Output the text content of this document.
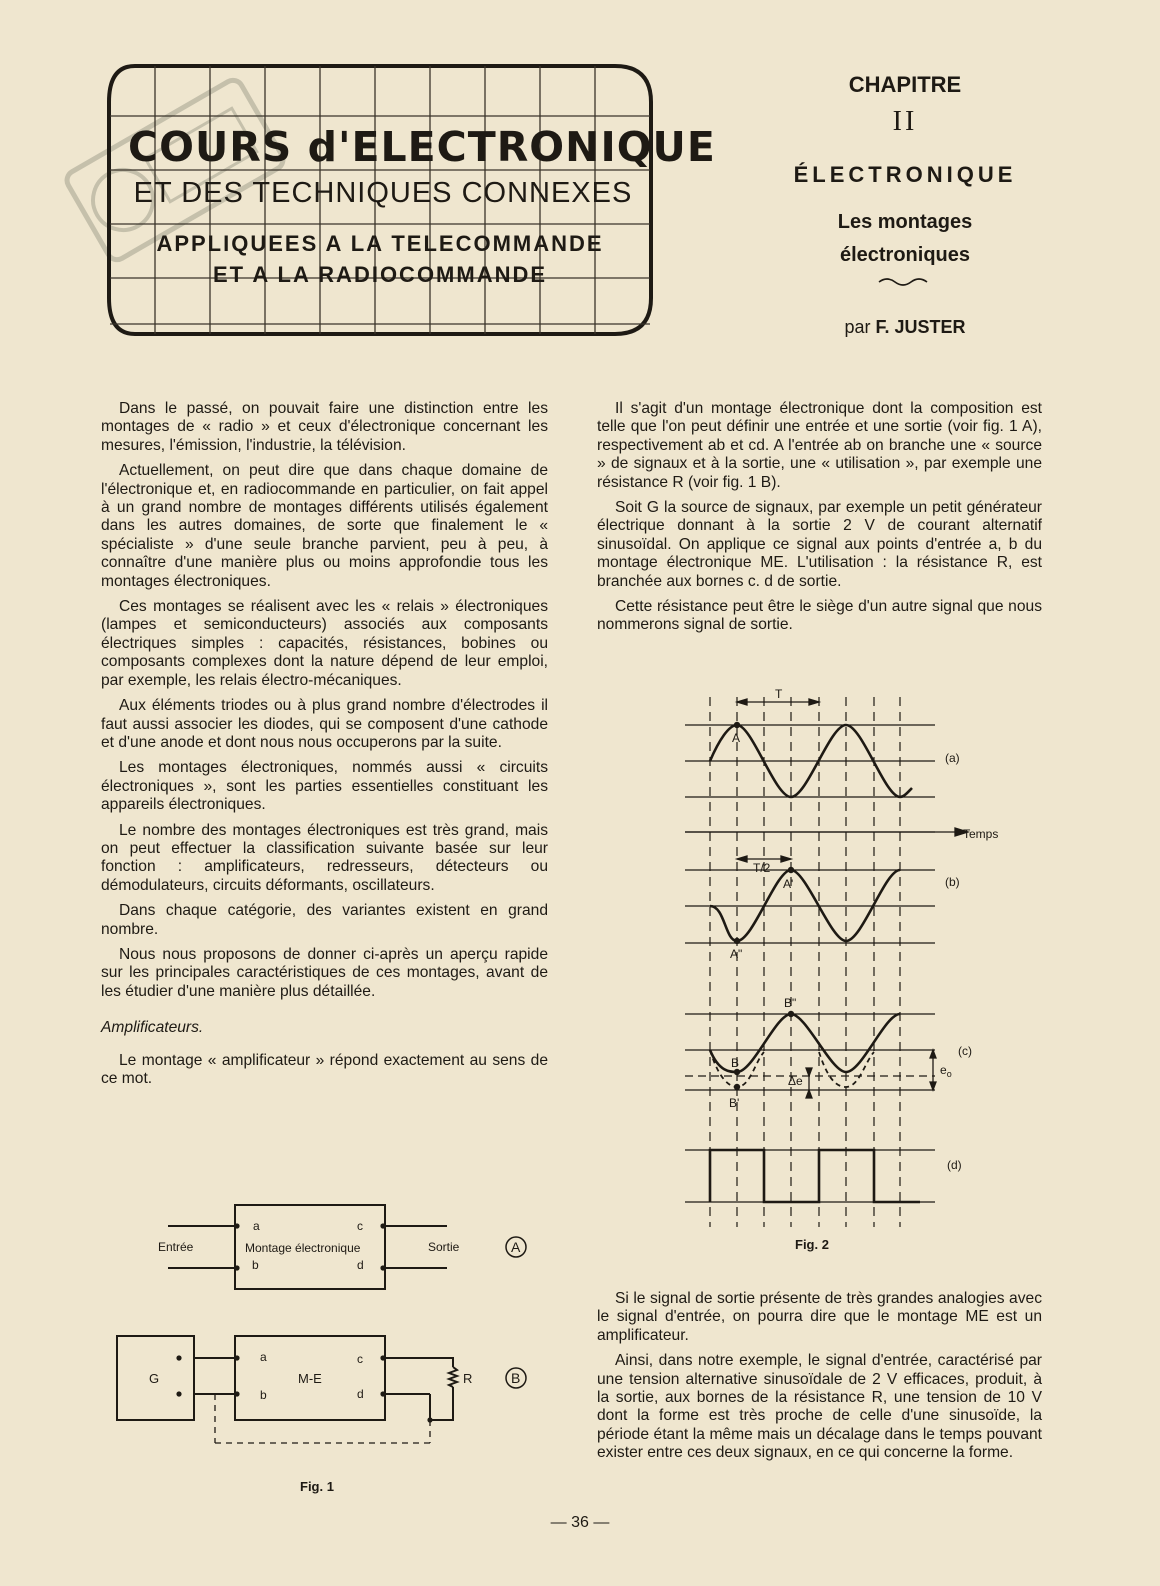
COURS d'ELECTRONIQUE
ET DES TECHNIQUES CONNEXES
APPLIQUEES A LA TELECOMMANDE
ET A LA RADIOCOMMANDE
CHAPITRE
II
ÉLECTRONIQUE
Les montages
électroniques
par F. JUSTER

Dans le passé, on pouvait faire une distinction entre les montages de « radio » et ceux d'électronique concernant les mesures, l'émission, l'industrie, la télévision.

Actuellement, on peut dire que dans chaque domaine de l'électronique et, en radiocommande en particulier, on fait appel à un grand nombre de montages différents utilisés également dans les autres domaines, de sorte que finalement le « spécialiste » d'une seule branche parvient, peu à peu, à connaître d'une manière plus ou moins approfondie tous les montages électroniques.

Ces montages se réalisent avec les « relais » électroniques (lampes et semiconducteurs) associés aux composants électriques simples : capacités, résistances, bobines ou composants complexes dont la nature dépend de leur emploi, par exemple, les relais électro-mécaniques.

Aux éléments triodes ou à plus grand nombre d'électrodes il faut aussi associer les diodes, qui se composent d'une cathode et d'une anode et dont nous nous occuperons par la suite.

Les montages électroniques, nommés aussi « circuits électroniques », sont les parties essentielles constituant les appareils électroniques.

Le nombre des montages électroniques est très grand, mais on peut effectuer la classification suivante basée sur leur fonction : amplificateurs, redresseurs, détecteurs ou démodulateurs, circuits déformants, oscillateurs.

Dans chaque catégorie, des variantes existent en grand nombre.

Nous nous proposons de donner ci-après un aperçu rapide sur les principales caractéristiques de ces montages, avant de les étudier d'une manière plus détaillée.

Amplificateurs.

Le montage « amplificateur » répond exactement au sens de ce mot.

Entrée	Montage électronique	Sortie
a
b
c
d
A
G	M-E	R
a
b
c
d
B
Fig. 1

Il s'agit d'un montage électronique dont la composition est telle que l'on peut définir une entrée et une sortie (voir fig. 1 A), respectivement ab et cd. A l'entrée ab on branche une « source » de signaux et à la sortie, une « utilisation », par exemple une résistance R (voir fig. 1 B).

Soit G la source de signaux, par exemple un petit générateur électrique donnant à la sortie 2 V de courant alternatif sinusoïdal. On applique ce signal aux points d'entrée a, b du montage électronique ME. L'utilisation : la résistance R, est branchée aux bornes c. d de sortie.

Cette résistance peut être le siège d'un autre signal que nous nommerons signal de sortie.

T
T/2
Temps
A
A'
A"
B
B'
B"
Δe
$e_o$
(a)
(b)
(c)
(d)
Fig. 2

Si le signal de sortie présente de très grandes analogies avec le signal d'entrée, on pourra dire que le montage ME est un amplificateur.

Ainsi, dans notre exemple, le signal d'entrée, caractérisé par une tension alternative sinusoïdale de 2 V efficaces, produit, à la sortie, aux bornes de la résistance R, une tension de 10 V dont la forme est très proche de celle d'une sinusoïde, la période étant la même mais un décalage dans le temps pouvant exister entre ces deux signaux, en ce qui concerne la forme.

— 36 —
